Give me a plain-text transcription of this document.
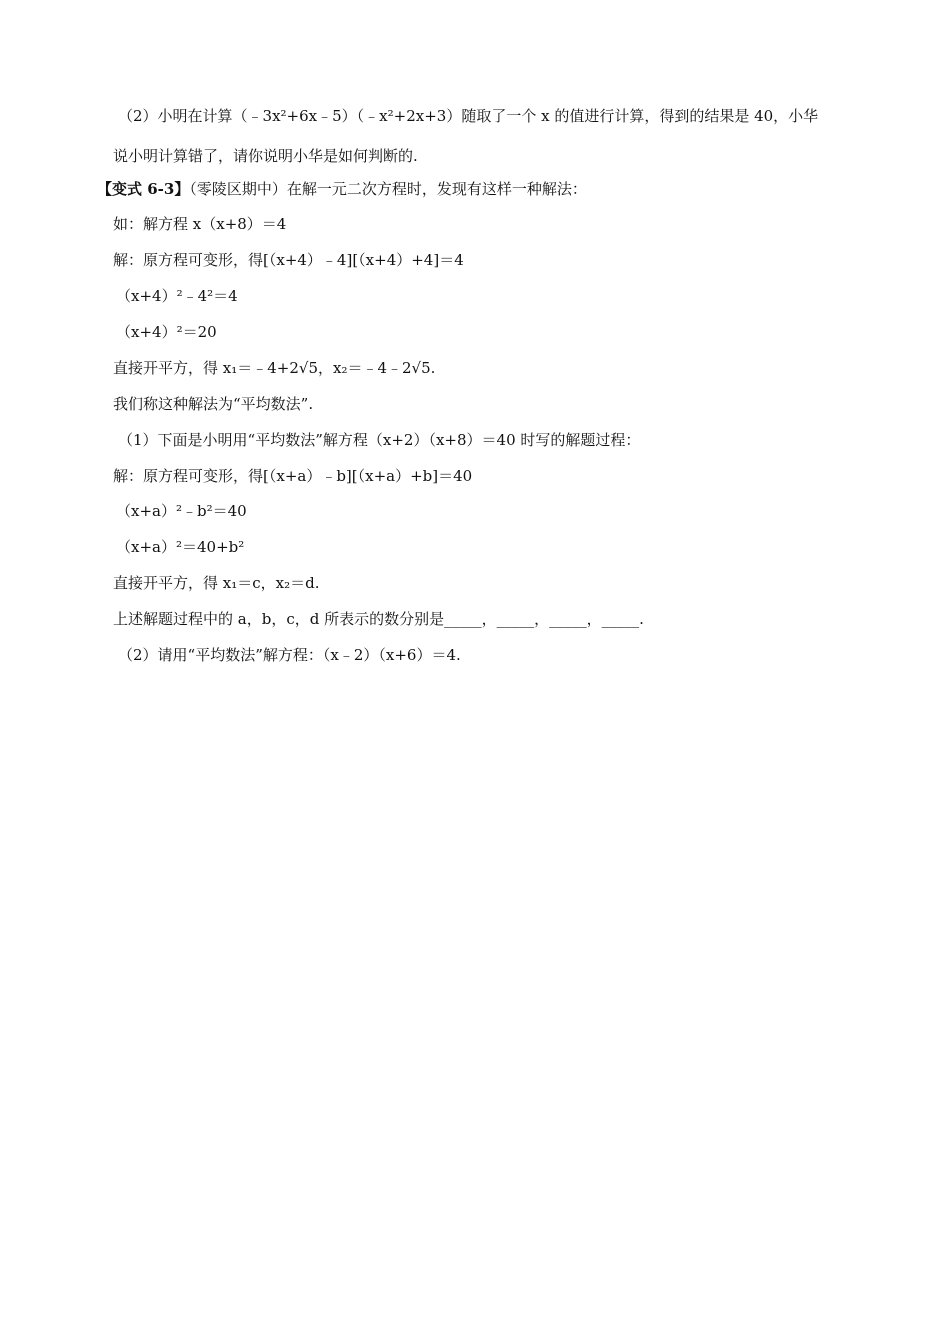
（2）小明在计算（﹣3x²+6x﹣5）（﹣x²+2x+3）随取了一个 x 的值进行计算，得到的结果是 40，小华
说小明计算错了，请你说明小华是如何判断的.
【变式 6-3】（零陵区期中）在解一元二次方程时，发现有这样一种解法：
如：解方程 x（x+8）＝4
解：原方程可变形，得[（x+4）﹣4][（x+4）+4]＝4
（x+4）²﹣4²＝4
（x+4）²＝20
直接开平方，得 x₁＝﹣4+2√5，x₂＝﹣4﹣2√5.
我们称这种解法为“平均数法”.
（1）下面是小明用“平均数法”解方程（x+2）（x+8）＝40 时写的解题过程：
解：原方程可变形，得[（x+a）﹣b][（x+a）+b]＝40
（x+a）²﹣b²＝40
（x+a）²＝40+b²
直接开平方，得 x₁＝c，x₂＝d.
上述解题过程中的 a，b，c，d 所表示的数分别是_____，_____，_____，_____.
（2）请用“平均数法”解方程：（x﹣2）（x+6）＝4.
